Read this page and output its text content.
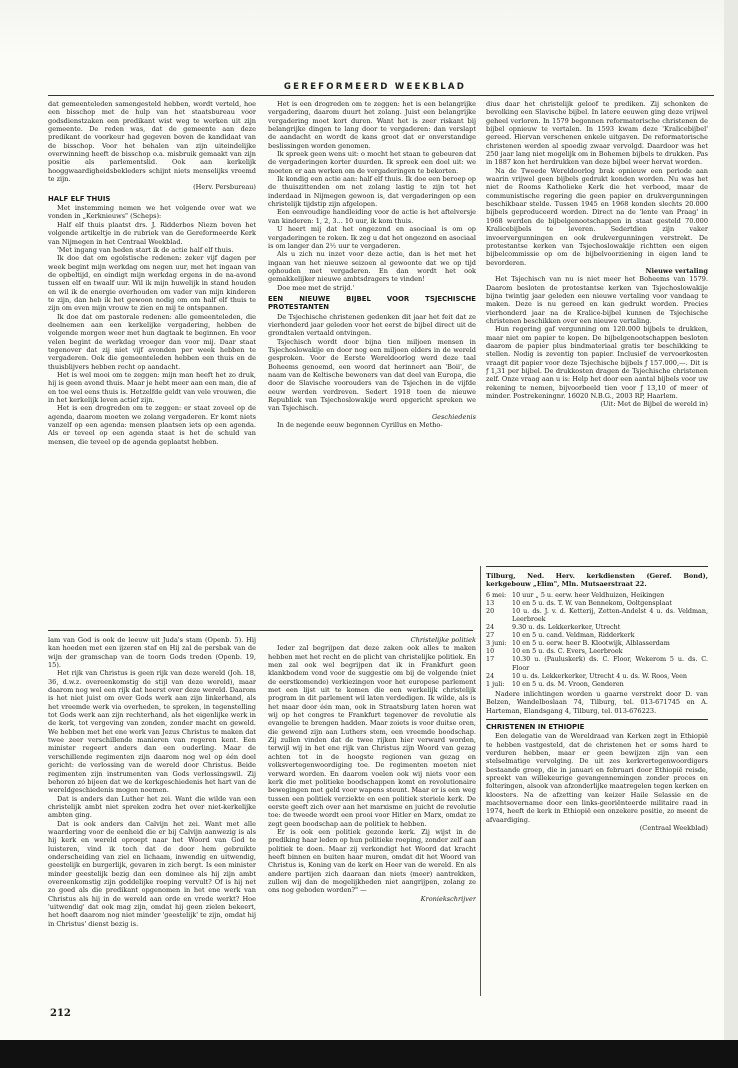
GEREFORMEERD WEEKBLAD

dat gemeenteleden samengesteld hebben, wordt verteld, hoe een bisschop met de hulp van het staatsbureau voor godsdienstzaken een predikant wist weg te werken uit zijn gemeente. De reden was, dat de gemeente aan deze predikant de voorkeur had gegeven boven de kandidaat van de bisschop. Voor het behalen van zijn uiteindelijke overwinning heeft de bisschop o.a. misbruik gemaakt van zijn positie als parlementslid. Ook aan kerkelijk hooggwaardigheidsbekleders schijnt niets menselijks vreemd te zijn.

(Herv. Persbureau)

HALF ELF THUIS

Met instemming nemen we het volgende over wat we vonden in „Kerknieuws" (Scheps):

Half elf thuis plaatst drs. J. Ridderbos Niezn boven het volgende artikeltje in de rubriek van de Gereformeerde Kerk van Nijmegen in het Centraal Weekblad.

'Met ingang van heden start ik de actie half elf thuis.

Ik doe dat om egoïstische redenen: zeker vijf dagen per week begint mijn werkdag om negen uur, met het ingaan van de opbeltijd, en eindigt mijn werkdag ergens in de na-avond tussen elf en twaalf uur. Wil ik mijn huwelijk in stand houden en wil ik de energie overhouden om vader van mijn kinderen te zijn, dan heb ik het gewoon nodig om om half elf thuis te zijn om even mijn vrouw te zien en mij te ontspannen.

Ik doe dat om pastorale redenen: alle gemeenteleden, die deelnemen aan een kerkelijke vergadering, hebben de volgende morgen weer met hun dagtaak te beginnen. En voor velen begint de werkdag vroeger dan voor mij. Daar staat tegenover dat zij niet vijf avonden per week hebben te vergaderen. Ook die gemeenteleden hebben een thuis en de thuisblijvers hebben recht op aandacht.

Het is wel mooi om te zeggen: mijn man heeft het zo druk, hij is geen avond thuis. Maar je hebt meer aan een man, die af en toe wel eens thuis is. Hetzelfde geldt van vele vrouwen, die in het kerkelijk leven actief zijn.

Het is een drogreden om te zeggen: er staat zoveel op de agenda, daarom moeten we zolang vergaderen. Er komt niets vanzelf op een agenda: mensen plaatsen iets op een agenda. Als er teveel op een agenda staat is het de schuld van mensen, die teveel op de agenda geplaatst hebben.

Het is een drogreden om te zeggen: het is een belangrijke vergadering, daarom duurt het zolang. Juist een belangrijke vergadering moet kort duren. Want het is zeer riskant bij belangrijke dingen te lang door te vergaderen: dan verslapt de aandacht en wordt de kans groot dat er onverstandige beslissingen worden genomen.

Ik spreek geen wens uit: o mocht het staan te gebeuren dat de vergaderingen korter duurden. Ik spreek een doel uit: we moeten er aan werken om de vergaderingen te bekorten.

Ik kondig een actie aan: half elf thuis. Ik doe een beroep op de thuiszittenden om net zolang lastig te zijn tot het inderdaad in Nijmegen gewoon is, dat vergaderingen op een christelijk tijdstip zijn afgelopen.

Een eenvoudige handleiding voor de actie is het aftelversje van kinderen: 1, 2, 3... 10 uur, ik kom thuis.

U heert mij dat het ongezond en asociaal is om op vergaderingen te roken. Ik zeg u dat het ongezond en asociaal is om langer dan 2½ uur te vergaderen.

Als u zich nu inzet voor deze actie, dan is het met het ingaan van het nieuwe seizoen al gewoonte dat we op tijd ophouden met vergaderen. En dan wordt het ook gemakkelijker nieuwe ambtsdragers te vinden!

Doe mee met de strijd.'

EEN NIEUWE BIJBEL VOOR TSJECHISCHE PROTESTANTEN

De Tsjechische christenen gedenken dit jaar het feit dat ze vierhonderd jaar geleden voor het eerst de bijbel direct uit de grondtalen vertaald ontvingen.

Tsjechisch wordt door bijna tien miljoen mensen in Tsjechoslowakije en door nog een miljoen elders in de wereld gesproken. Voor de Eerste Wereldoorlog werd deze taal Boheems genoemd, een woord dat herinnert aan 'Boii', de naam van de Keltische bewoners van dat deel van Europa, die door de Slavische voorouders van de Tsjechen in de vijfde eeuw werden verdreven. Sedert 1918 toen de nieuwe Republiek van Tsjechoslowakije werd opgericht spreken we van Tsjechisch.

Geschiedenis

In de negende eeuw begonnen Cyrillus en Metho-

dius daar het christelijk geloof te prediken. Zij schonken de bevolking een Slavische bijbel. In latere eeuwen ging deze vrijwel geheel verloren. In 1579 begonnen reformatorische christenen de bijbel opnieuw te vertalen. In 1593 kwam deze 'Kralicebijbel' gereed. Hiervan verschenen enkele uitgaven. De reformatorische christenen werden al spoedig zwaar vervolgd. Daardoor was het 250 jaar lang niet mogelijk om in Bohemen bijbels te drukken. Pas in 1887 kon het herdrukken van deze bijbel weer hervat worden.

Na de Tweede Wereldoorlog brak opnieuw een periode aan waarin vrijwel geen bijbels gedrukt konden worden. Nu was het niet de Rooms Katholieke Kerk die het verbood, maar de communistische regering die geen papier en drukvergunningen beschikbaar stelde. Tussen 1945 en 1968 konden slechts 20.000 bijbels geproduceerd worden. Direct na de 'lente van Praag' in 1968 werden de bijbelgenootschappen in staat gesteld 70.000 Kralicebijbels te leveren. Sedertdien zijn vaker invoervergunningen en ook drukvergunningen verstrekt. De protestantse kerken van Tsjechoslowakije richtten een eigen bijbelcommissie op om de bijbelvoorziening in eigen land te bevorderen.

Nieuwe vertaling

Het Tsjechisch van nu is niet meer het Boheems van 1579. Daarom besloten de protestantse kerken van Tsjechoslowakije bijna twintig jaar geleden een nieuwe vertaling voor vandaag te maken. Deze is nu gereed en kan gedrukt worden. Precies vierhonderd jaar na de Kralice-bijbel kunnen de Tsjechische christenen beschikken over een nieuwe vertaling.

Hun regering gaf vergunning om 120.000 bijbels te drukken, maar niet om papier te kopen. De bijbelgenootschappen besloten daarom de papier plus bindmateriaal gratis ter beschikking te stellen. Nodig is zeventig ton papier. Inclusief de vervoerkosten vraagt dit papier voor deze Tsjechische bijbels ƒ 157.000,—. Dit is ƒ 1,31 per bijbel. De drukkosten dragen de Tsjechische christenen zelf. Onze vraag aan u is: Help het door een aantal bijbels voor uw rekening te nemen, bijvoorbeeld tien voor ƒ 13,10 of meer of minder. Postrekeningnr. 16020 N.B.G., 2003 RP, Haarlem.

(Uit: Met de Bijbel de wereld in)

lam van God is ook de leeuw uit Juda's stam (Openb. 5). Hij kan hoeden met een ijzeren staf en Hij zal de persbak van de wijn der gramschap van de toorn Gods treden (Openb. 19, 15).

Het rijk van Christus is geen rijk van deze wereld (Joh. 18, 36, d.w.z. overeenkomstig de stijl van deze wereld), maar daarom nog wel een rijk dat heerst over deze wereld. Daarom is het niet juist om over Gods werk aan zijn linkerhand, als het vreemde werk via overheden, te spreken, in tegenstelling tot Gods werk aan zijn rechterhand, als het eigenlijke werk in de kerk, tot vergeving van zonden, zonder macht en geweld. We hebben met het ene werk van Jezus Christus te maken dat twee zeer verschillende manieren van regeren kent. Een minister regeert anders dan een ouderling. Maar de verschillende regimenten zijn daarom nog wel op één doel gericht: de verlossing van de wereld door Christus. Beide regimenten zijn instrumenten van Gods verlossingswil. Zij behoren zó bijeen dat we de kerkgeschiedenis het hart van de wereldgeschiedenis mogen noemen.

Dat is anders dan Luther het zei. Want die wilde van een christelijk ambt niet spreken zodra het over niet-kerkelijke ambten ging.

Dat is ook anders dan Calvijn het zei. Want met alle waardering voor de eenheid die er bij Calvijn aanwezig is als hij kerk en wereld oproept naar het Woord van God te luisteren, vind ik toch dat de door hem gebruikte onderscheiding van ziel en lichaam, inwendig en uitwendig, geestelijk en burgerlijk, gevaren in zich bergt. Is een minister minder geestelijk bezig dan een dominee als hij zijn ambt overeenkomstig zijn goddelijke roeping vervult? Of is hij net zo goed als die predikant opgenomen in het ene werk van Christus als hij in de wereld aan orde en vrede werkt? Hoe 'uitwendig' dat ook mag zijn, omdat hij geen zielen bekeert, het hoeft daarom nog niet minder 'geestelijk' te zijn, omdat hij in Christus' dienst bezig is.

Christelijke politiek

Ieder zal begrijpen dat deze zaken ook alles te maken hebben met het recht en de plicht van christelijke politiek. En men zal ook wel begrijpen dat ik in Frankfurt geen klankbodem vond voor de suggestie om bij de volgende (niet de eerstkomende) verkiezingen voor het europese parlement met een lijst uit te komen die een werkelijk christelijk program in dit parlement wil laten verdedigen. Ik wilde, als is het maar door één man, ook in Straatsburg laten horen wat wij op het congres te Frankfurt tegenover de revolutie als evangelie te brengen hadden. Maar zoiets is voor duitse oren, die gewend zijn aan Luthers stem, een vreemde boodschap. Zij zullen vinden dat de twee rijken hier verward worden, terwijl wij in het ene rijk van Christus zijn Woord van gezag achten tot in de hoogste regionen van gezag en volksvertegenwoordiging toe. De regimenten moeten niet verward worden. En daarom voelen ook wij niets voor een kerk die met politieke boodschappen komt en revolutionaire bewegingen met geld voor wapens steunt. Maar er is een weg tussen een politiek verziekte en een politiek steriele kerk. De eerste geeft zich over aan het marxisme en juicht de revolutie toe: de tweede wordt een prooi voor Hitler en Marx, omdat ze zegt geen boodschap aan de politiek te hebben.

Er is ook een politiek gezonde kerk. Zij wijst in de prediking haar leden op hun politieke roeping, zonder zelf aan politiek te doen. Maar zij verkondigt het Woord dat kracht heeft binnen en buiten haar muren, omdat dit het Woord van Christus is, Koning van de kerk en Heer van de wereld. En als andere partijen zich daaraan dan niets (meer) aantrekken, zullen wij dan de mogelijkheden niet aangrijpen, zolang ze ons nog geboden worden?" —

Kroniekschrijver

Tilburg, Ned. Herv. kerkdiensten (Geref. Bond), kerkgebouw „Elim", Mln. Mutsaerstraat 22.

6 mei: 10 uur „ 5 u. eerw. heer Veldhuizen, Heikingen
13	10 en 5 u. ds. T. W. van Bennekom, Ooltgensplaat
20	10 u. ds. J. v. d. Ketterij, Zetten-Andelst 4 u. ds. Veldman, Leerbroek
24	9.30 u. ds. Lekkerkerker, Utrecht
27	10 en 5 u. cand. Veldman, Ridderkerk
3 juni: 10 en 5 u. eerw. heer B. Klootwijk, Alblasserdam
10	10 en 5 u. ds. C. Evers, Leerbroek
17	10.30 u. (Pauluskerk) ds. C. Floor, Wekerom 5 u. ds. C. Floor
24	10 u. ds. Lekkerkerker, Utrecht 4 u. ds. W. Roos, Veen
1 juli:	10 en 5 u. ds. M. Vroon, Genderen

Nadere inlichtingen worden u gaarne verstrekt door D. van Belzen, Wandelboslaan 74, Tilburg, tel. 013-671745 en A. Harteman, Elandsgang 4, Tilburg, tel. 013-676223.

CHRISTENEN IN ETHIOPIE

Een delegatie van de Wereldraad van Kerken zegt in Ethiopië te hebben vastgesteld, dat de christenen het er soms hard te verduren hebben, maar er geen bewijzen zijn van een stelselmatige vervolging. De uit zes kerkvertegenwoordigers bestaande groep, die in januari en februari door Ethiopië reisde, spreekt van willekeurige gevangennemingen zonder proces en folteringen, alsook van afzonderlijke maatregelen tegen kerken en kloosters. Na de afzetting van keizer Haile Selassie en de machtsovername door een links-georiënteerde militaire raad in 1974, heeft de kerk in Ethiopië een onzekere positie, zo meent de afvaardiging.

(Centraal Weekblad)

212
